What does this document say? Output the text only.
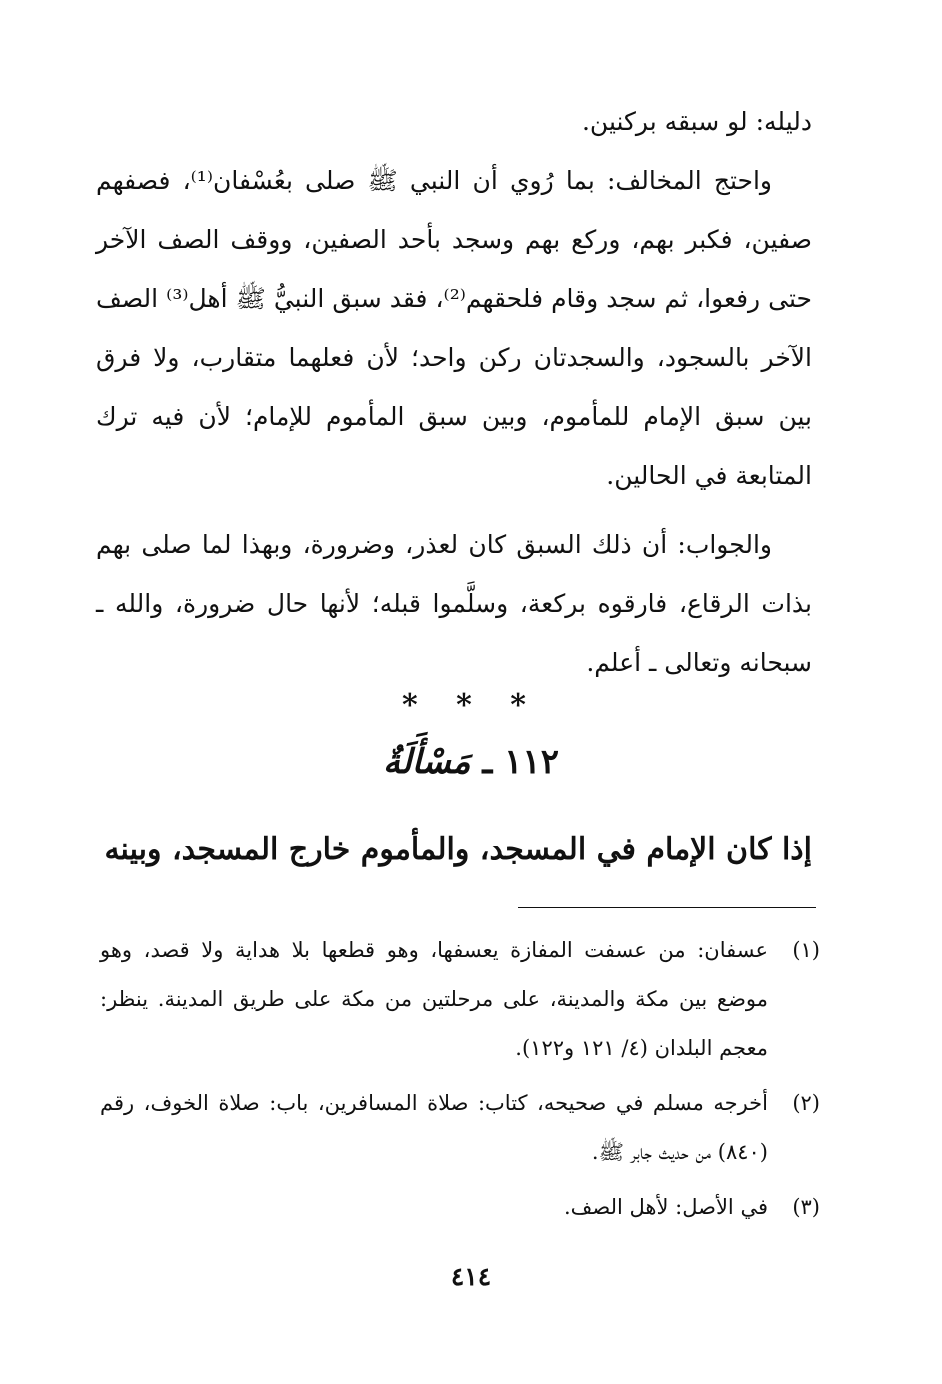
دليله: لو سبقه بركنين.

واحتج المخالف: بما رُوي أن النبي ﷺ صلى بعُسْفان⁽¹⁾، فصفهم صفين، فكبر بهم، وركع بهم وسجد بأحد الصفين، ووقف الصف الآخر حتى رفعوا، ثم سجد وقام فلحقهم⁽²⁾، فقد سبق النبيُّ ﷺ أهل⁽³⁾ الصف الآخر بالسجود، والسجدتان ركن واحد؛ لأن فعلهما متقارب، ولا فرق بين سبق الإمام للمأموم، وبين سبق المأموم للإمام؛ لأن فيه ترك المتابعة في الحالين.

والجواب: أن ذلك السبق كان لعذر، وضرورة، وبهذا لما صلى بهم بذات الرقاع، فارقوه بركعة، وسلَّموا قبله؛ لأنها حال ضرورة، والله ـ سبحانه وتعالى ـ أعلم.

* * *
١١٢ ـ مَسْأَلَةٌ
إذا كان الإمام في المسجد، والمأموم خارج المسجد، وبينه
(١)
عسفان: من عسفت المفازة يعسفها، وهو قطعها بلا هداية ولا قصد، وهو موضع بين مكة والمدينة، على مرحلتين من مكة على طريق المدينة. ينظر: معجم البلدان (٤/ ١٢١ و١٢٢).
(٢)
أخرجه مسلم في صحيحه، كتاب: صلاة المسافرين، باب: صلاة الخوف، رقم (٨٤٠) من حديث جابر ﷺ.
(٣)
في الأصل: لأهل الصف.
٤١٤
